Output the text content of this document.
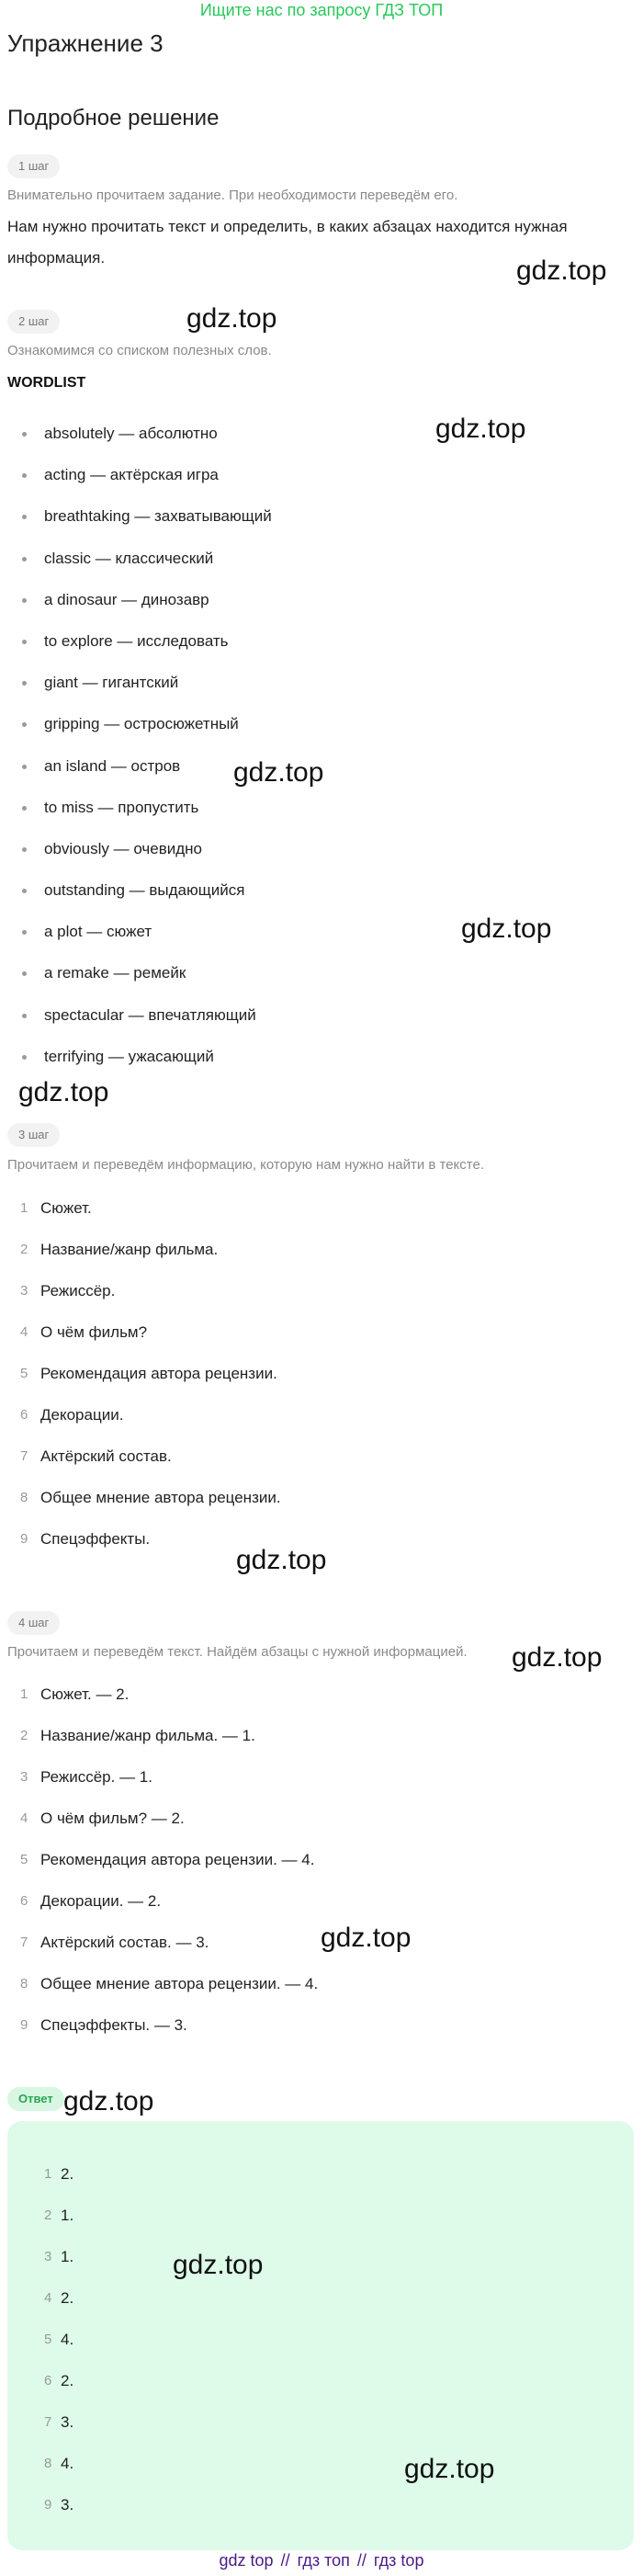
Ищите нас по запросу ГДЗ ТОП
Упражнение 3
Подробное решение
1 шаг
Внимательно прочитаем задание. При необходимости переведём его.
Нам нужно прочитать текст и определить, в каких абзацах находится нужная
информация.
2 шаг
Ознакомимся со списком полезных слов.
WORDLIST
absolutely — абсолютно
acting — актёрская игра
breathtaking — захватывающий
classic — классический
a dinosaur — динозавр
to explore — исследовать
giant — гигантский
gripping — остросюжетный
an island — остров
to miss — пропустить
obviously — очевидно
outstanding — выдающийся
a plot — сюжет
a remake — ремейк
spectacular — впечатляющий
terrifying — ужасающий
3 шаг
Прочитаем и переведём информацию, которую нам нужно найти в тексте.
1 Сюжет.
2 Название/жанр фильма.
3 Режиссёр.
4 О чём фильм?
5 Рекомендация автора рецензии.
6 Декорации.
7 Актёрский состав.
8 Общее мнение автора рецензии.
9 Спецэффекты.
4 шаг
Прочитаем и переведём текст. Найдём абзацы с нужной информацией.
1 Сюжет. — 2.
2 Название/жанр фильма. — 1.
3 Режиссёр. — 1.
4 О чём фильм? — 2.
5 Рекомендация автора рецензии. — 4.
6 Декорации. — 2.
7 Актёрский состав. — 3.
8 Общее мнение автора рецензии. — 4.
9 Спецэффекты. — 3.
Ответ
1 2.
2 1.
3 1.
4 2.
5 4.
6 2.
7 3.
8 4.
9 3.
gdz.top
gdz.top
gdz.top
gdz.top
gdz.top
gdz.top
gdz.top
gdz.top
gdz.top
gdz.top
gdz.top
gdz.top
gdz top // гдз топ // гдз top
